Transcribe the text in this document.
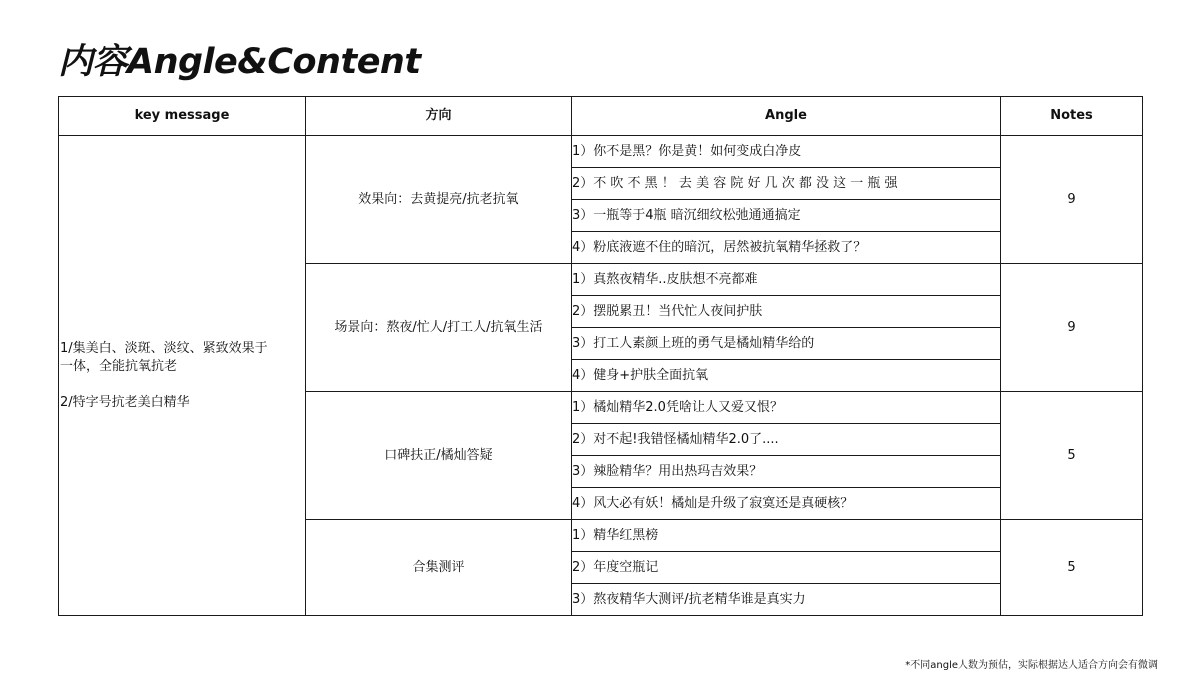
内容Angle&Content
key message	方向	Angle	Notes

1/集美白、淡斑、淡纹、紧致效果于
一体，全能抗氧抗老
2/特字号抗老美白精华	效果向：去黄提亮/抗老抗氧	1）你不是黑？你是黄！如何变成白净皮	9
		2）不 吹 不 黑 ！ 去 美 容 院 好 几 次 都 没 这 一 瓶 强	
		3）一瓶等于4瓶 暗沉细纹松弛通通搞定	
		4）粉底液遮不住的暗沉，居然被抗氧精华拯救了？	
	场景向：熬夜/忙人/打工人/抗氧生活	1）真熬夜精华..皮肤想不亮都难	9
		2）摆脱累丑！当代忙人夜间护肤	
		3）打工人素颜上班的勇气是橘灿精华给的	
		4）健身+护肤全面抗氧	
	口碑扶正/橘灿答疑	1）橘灿精华2.0凭啥让人又爱又恨？	5
		2）对不起!我错怪橘灿精华2.0了....	
		3）辣脸精华？用出热玛吉效果？	
		4）风大必有妖！橘灿是升级了寂寞还是真硬核？	
	合集测评	1）精华红黑榜	5
		2）年度空瓶记	
		3）熬夜精华大测评/抗老精华谁是真实力	
*不同angle人数为预估，实际根据达人适合方向会有微调
